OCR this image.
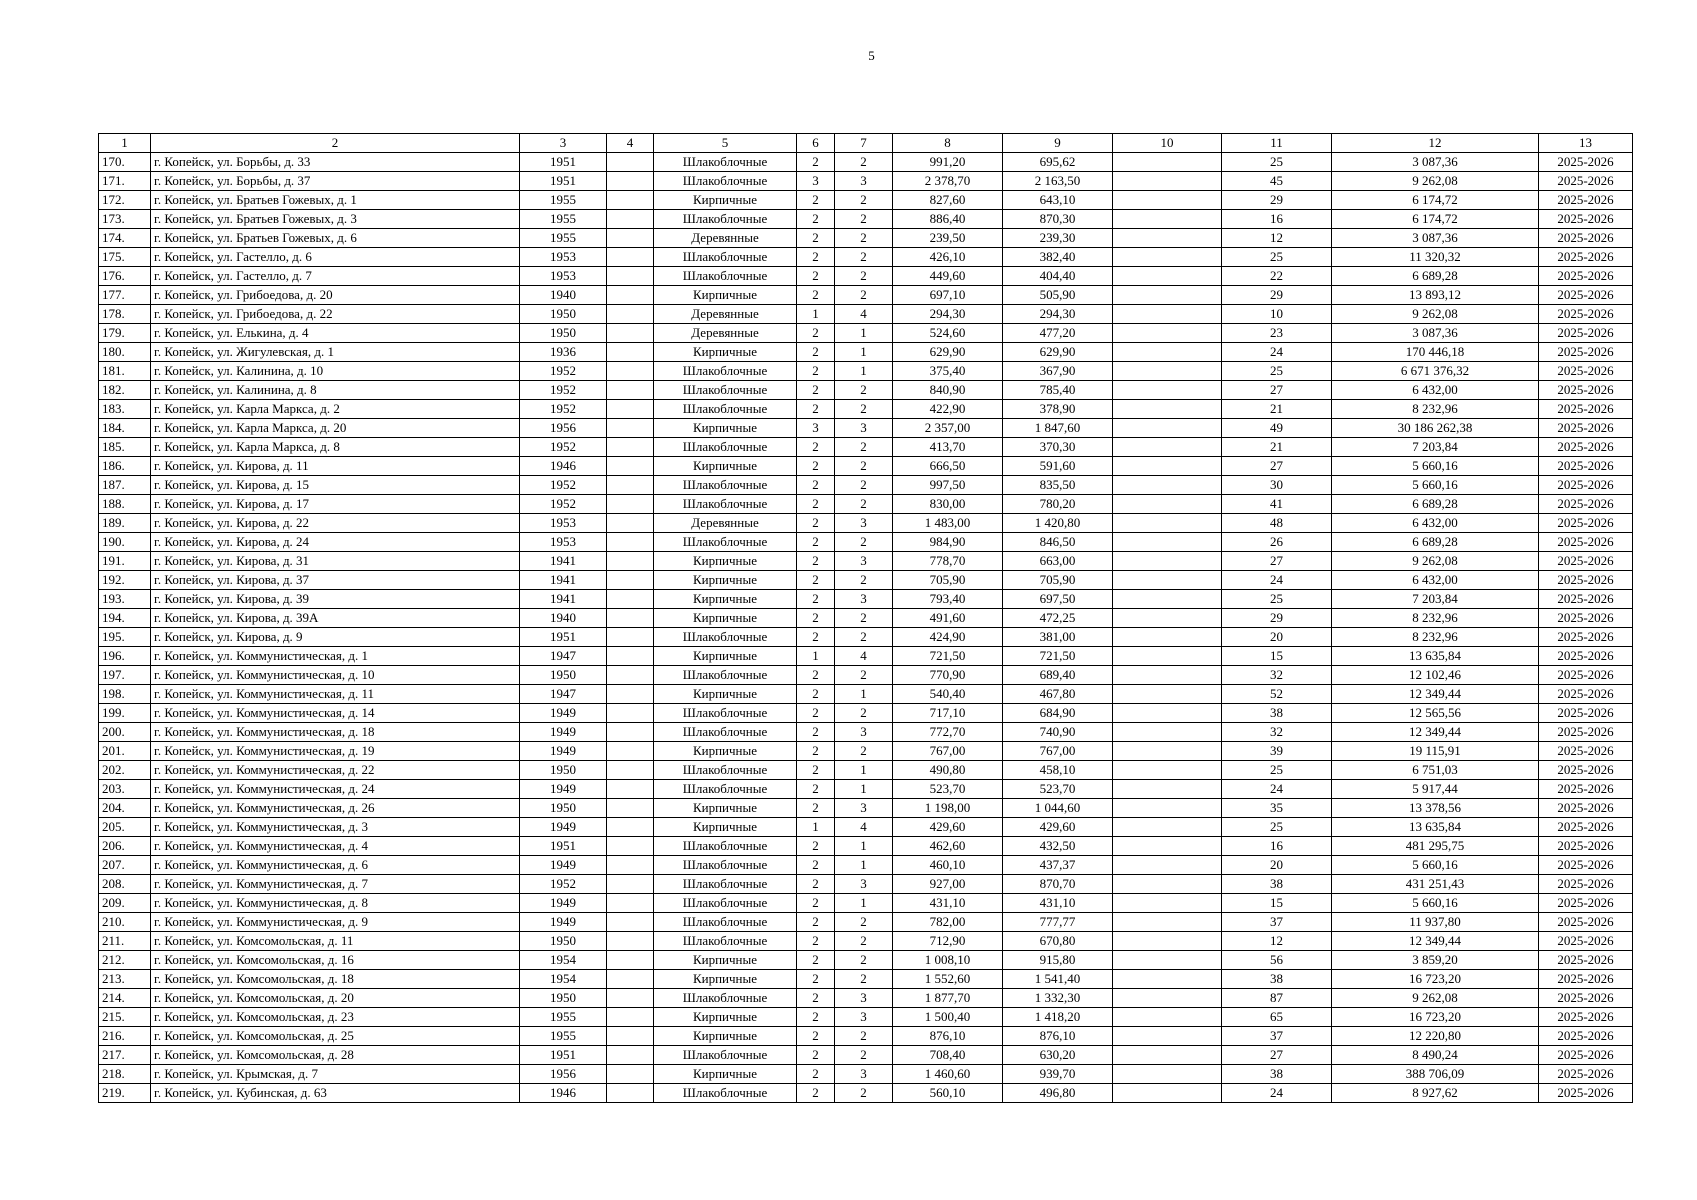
5
1	2	3	4	5	6	7	8	9	10	11	12	13
170.	г. Копейск, ул. Борьбы, д. 33	1951		Шлакоблочные	2	2	991,20	695,62		25	3 087,36	2025-2026
171.	г. Копейск, ул. Борьбы, д. 37	1951		Шлакоблочные	3	3	2 378,70	2 163,50		45	9 262,08	2025-2026
172.	г. Копейск, ул. Братьев Гожевых, д. 1	1955		Кирпичные	2	2	827,60	643,10		29	6 174,72	2025-2026
173.	г. Копейск, ул. Братьев Гожевых, д. 3	1955		Шлакоблочные	2	2	886,40	870,30		16	6 174,72	2025-2026
174.	г. Копейск, ул. Братьев Гожевых, д. 6	1955		Деревянные	2	2	239,50	239,30		12	3 087,36	2025-2026
175.	г. Копейск, ул. Гастелло, д. 6	1953		Шлакоблочные	2	2	426,10	382,40		25	11 320,32	2025-2026
176.	г. Копейск, ул. Гастелло, д. 7	1953		Шлакоблочные	2	2	449,60	404,40		22	6 689,28	2025-2026
177.	г. Копейск, ул. Грибоедова, д. 20	1940		Кирпичные	2	2	697,10	505,90		29	13 893,12	2025-2026
178.	г. Копейск, ул. Грибоедова, д. 22	1950		Деревянные	1	4	294,30	294,30		10	9 262,08	2025-2026
179.	г. Копейск, ул. Елькина, д. 4	1950		Деревянные	2	1	524,60	477,20		23	3 087,36	2025-2026
180.	г. Копейск, ул. Жигулевская, д. 1	1936		Кирпичные	2	1	629,90	629,90		24	170 446,18	2025-2026
181.	г. Копейск, ул. Калинина, д. 10	1952		Шлакоблочные	2	1	375,40	367,90		25	6 671 376,32	2025-2026
182.	г. Копейск, ул. Калинина, д. 8	1952		Шлакоблочные	2	2	840,90	785,40		27	6 432,00	2025-2026
183.	г. Копейск, ул. Карла Маркса, д. 2	1952		Шлакоблочные	2	2	422,90	378,90		21	8 232,96	2025-2026
184.	г. Копейск, ул. Карла Маркса, д. 20	1956		Кирпичные	3	3	2 357,00	1 847,60		49	30 186 262,38	2025-2026
185.	г. Копейск, ул. Карла Маркса, д. 8	1952		Шлакоблочные	2	2	413,70	370,30		21	7 203,84	2025-2026
186.	г. Копейск, ул. Кирова, д. 11	1946		Кирпичные	2	2	666,50	591,60		27	5 660,16	2025-2026
187.	г. Копейск, ул. Кирова, д. 15	1952		Шлакоблочные	2	2	997,50	835,50		30	5 660,16	2025-2026
188.	г. Копейск, ул. Кирова, д. 17	1952		Шлакоблочные	2	2	830,00	780,20		41	6 689,28	2025-2026
189.	г. Копейск, ул. Кирова, д. 22	1953		Деревянные	2	3	1 483,00	1 420,80		48	6 432,00	2025-2026
190.	г. Копейск, ул. Кирова, д. 24	1953		Шлакоблочные	2	2	984,90	846,50		26	6 689,28	2025-2026
191.	г. Копейск, ул. Кирова, д. 31	1941		Кирпичные	2	3	778,70	663,00		27	9 262,08	2025-2026
192.	г. Копейск, ул. Кирова, д. 37	1941		Кирпичные	2	2	705,90	705,90		24	6 432,00	2025-2026
193.	г. Копейск, ул. Кирова, д. 39	1941		Кирпичные	2	3	793,40	697,50		25	7 203,84	2025-2026
194.	г. Копейск, ул. Кирова, д. 39А	1940		Кирпичные	2	2	491,60	472,25		29	8 232,96	2025-2026
195.	г. Копейск, ул. Кирова, д. 9	1951		Шлакоблочные	2	2	424,90	381,00		20	8 232,96	2025-2026
196.	г. Копейск, ул. Коммунистическая, д. 1	1947		Кирпичные	1	4	721,50	721,50		15	13 635,84	2025-2026
197.	г. Копейск, ул. Коммунистическая, д. 10	1950		Шлакоблочные	2	2	770,90	689,40		32	12 102,46	2025-2026
198.	г. Копейск, ул. Коммунистическая, д. 11	1947		Кирпичные	2	1	540,40	467,80		52	12 349,44	2025-2026
199.	г. Копейск, ул. Коммунистическая, д. 14	1949		Шлакоблочные	2	2	717,10	684,90		38	12 565,56	2025-2026
200.	г. Копейск, ул. Коммунистическая, д. 18	1949		Шлакоблочные	2	3	772,70	740,90		32	12 349,44	2025-2026
201.	г. Копейск, ул. Коммунистическая, д. 19	1949		Кирпичные	2	2	767,00	767,00		39	19 115,91	2025-2026
202.	г. Копейск, ул. Коммунистическая, д. 22	1950		Шлакоблочные	2	1	490,80	458,10		25	6 751,03	2025-2026
203.	г. Копейск, ул. Коммунистическая, д. 24	1949		Шлакоблочные	2	1	523,70	523,70		24	5 917,44	2025-2026
204.	г. Копейск, ул. Коммунистическая, д. 26	1950		Кирпичные	2	3	1 198,00	1 044,60		35	13 378,56	2025-2026
205.	г. Копейск, ул. Коммунистическая, д. 3	1949		Кирпичные	1	4	429,60	429,60		25	13 635,84	2025-2026
206.	г. Копейск, ул. Коммунистическая, д. 4	1951		Шлакоблочные	2	1	462,60	432,50		16	481 295,75	2025-2026
207.	г. Копейск, ул. Коммунистическая, д. 6	1949		Шлакоблочные	2	1	460,10	437,37		20	5 660,16	2025-2026
208.	г. Копейск, ул. Коммунистическая, д. 7	1952		Шлакоблочные	2	3	927,00	870,70		38	431 251,43	2025-2026
209.	г. Копейск, ул. Коммунистическая, д. 8	1949		Шлакоблочные	2	1	431,10	431,10		15	5 660,16	2025-2026
210.	г. Копейск, ул. Коммунистическая, д. 9	1949		Шлакоблочные	2	2	782,00	777,77		37	11 937,80	2025-2026
211.	г. Копейск, ул. Комсомольская, д. 11	1950		Шлакоблочные	2	2	712,90	670,80		12	12 349,44	2025-2026
212.	г. Копейск, ул. Комсомольская, д. 16	1954		Кирпичные	2	2	1 008,10	915,80		56	3 859,20	2025-2026
213.	г. Копейск, ул. Комсомольская, д. 18	1954		Кирпичные	2	2	1 552,60	1 541,40		38	16 723,20	2025-2026
214.	г. Копейск, ул. Комсомольская, д. 20	1950		Шлакоблочные	2	3	1 877,70	1 332,30		87	9 262,08	2025-2026
215.	г. Копейск, ул. Комсомольская, д. 23	1955		Кирпичные	2	3	1 500,40	1 418,20		65	16 723,20	2025-2026
216.	г. Копейск, ул. Комсомольская, д. 25	1955		Кирпичные	2	2	876,10	876,10		37	12 220,80	2025-2026
217.	г. Копейск, ул. Комсомольская, д. 28	1951		Шлакоблочные	2	2	708,40	630,20		27	8 490,24	2025-2026
218.	г. Копейск, ул. Крымская, д. 7	1956		Кирпичные	2	3	1 460,60	939,70		38	388 706,09	2025-2026
219.	г. Копейск, ул. Кубинская, д. 63	1946		Шлакоблочные	2	2	560,10	496,80		24	8 927,62	2025-2026
